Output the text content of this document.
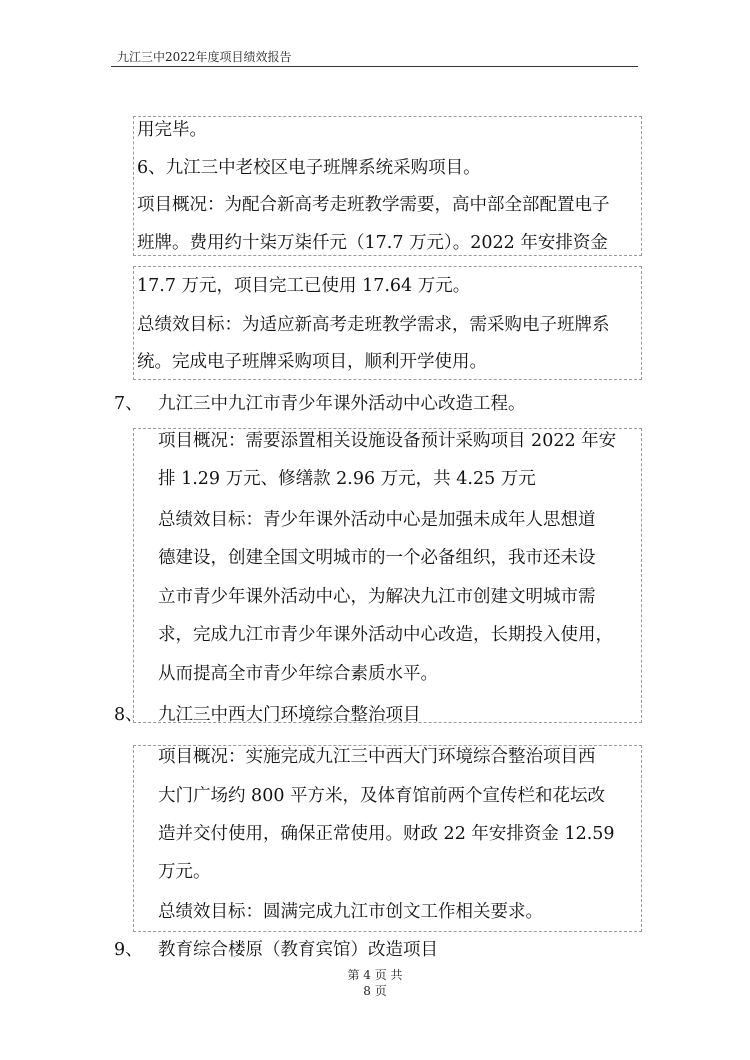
九江三中2022年度项目绩效报告
用完毕。
6、九江三中老校区电子班牌系统采购项目。
项目概况：为配合新高考走班教学需要，高中部全部配置电子
班牌。费用约十柒万柒仟元（17.7 万元）。2022 年安排资金
17.7 万元，项目完工已使用 17.64 万元。
总绩效目标：为适应新高考走班教学需求，需采购电子班牌系
统。完成电子班牌采购项目，顺利开学使用。
7、 九江三中九江市青少年课外活动中心改造工程。
项目概况：需要添置相关设施设备预计采购项目 2022 年安
排 1.29 万元、修缮款 2.96 万元，共 4.25 万元
总绩效目标：青少年课外活动中心是加强未成年人思想道
德建设，创建全国文明城市的一个必备组织，我市还未设
立市青少年课外活动中心，为解决九江市创建文明城市需
求，完成九江市青少年课外活动中心改造，长期投入使用，
从而提高全市青少年综合素质水平。
8、 九江三中西大门环境综合整治项目
项目概况：实施完成九江三中西大门环境综合整治项目西
大门广场约 800 平方米，及体育馆前两个宣传栏和花坛改
造并交付使用，确保正常使用。财政 22 年安排资金 12.59
万元。
总绩效目标：圆满完成九江市创文工作相关要求。
9、 教育综合楼原（教育宾馆）改造项目
第 4 页 共
8 页
